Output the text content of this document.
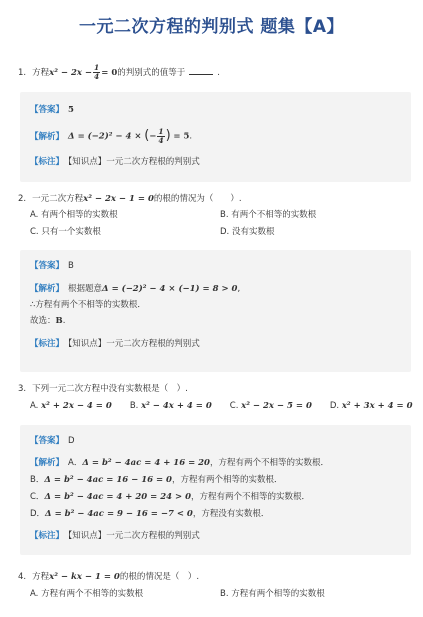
一元二次方程的判别式 题集【A】
1. 方程$x^2 - 2x - \frac{1}{4} = 0$的判别式的值等于	.
【答案】 5
【解析】 Δ = (−2)² − 4 × (− $\frac{1}{4}$ ) = 5.
【标注】 【知识点】一元二次方程根的判别式
2. 一元二次方程x² − 2x − 1 = 0的根的情况为（　　）.
A. 有两个相等的实数根	B. 有两个不相等的实数根
C. 只有一个实数根	D. 没有实数根
【答案】 B
【解析】 根据题意Δ = (−2)² − 4 × (−1) = 8 > 0,
∴方程有两个不相等的实数根．
故选：B.
【标注】 【知识点】一元二次方程根的判别式
3. 下列一元二次方程中没有实数根是（　）.
A. x² + 2x − 4 = 0 B. x² − 4x + 4 = 0 C. x² − 2x − 5 = 0 D. x² + 3x + 4 = 0
【答案】 D
【解析】 A．Δ = b² − 4ac = 4 + 16 = 20，方程有两个不相等的实数根．
B．Δ = b² − 4ac = 16 − 16 = 0，方程有两个相等的实数根．
C．Δ = b² − 4ac = 4 + 20 = 24 > 0，方程有两个不相等的实数根．
D．Δ = b² − 4ac = 9 − 16 = −7 < 0，方程没有实数根．
【标注】 【知识点】一元二次方程根的判别式
4. 方程x² − kx − 1 = 0的根的情况是（　）.
A. 方程有两个不相等的实数根	B. 方程有两个相等的实数根
